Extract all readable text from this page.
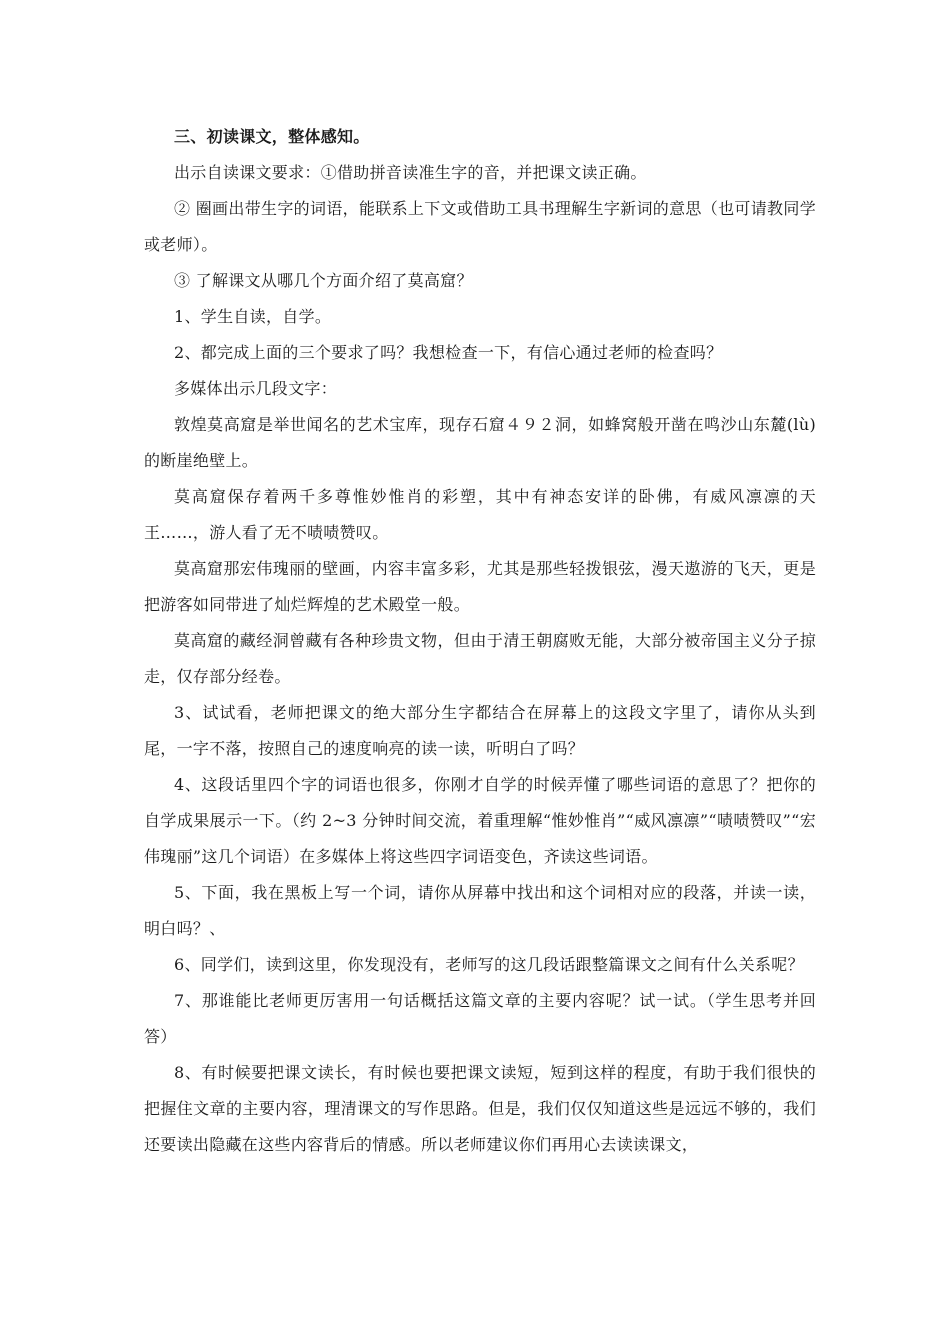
三、初读课文，整体感知。

出示自读课文要求：①借助拼音读准生字的音，并把课文读正确。

② 圈画出带生字的词语，能联系上下文或借助工具书理解生字新词的意思（也可请教同学或老师）。

③ 了解课文从哪几个方面介绍了莫高窟？

1、学生自读，自学。

2、都完成上面的三个要求了吗？我想检查一下，有信心通过老师的检查吗？

多媒体出示几段文字：

敦煌莫高窟是举世闻名的艺术宝库，现存石窟４９２洞，如蜂窝般开凿在鸣沙山东麓(lù)的断崖绝壁上。

莫高窟保存着两千多尊惟妙惟肖的彩塑，其中有神态安详的卧佛，有威风凛凛的天王……，游人看了无不啧啧赞叹。

莫高窟那宏伟瑰丽的壁画，内容丰富多彩，尤其是那些轻拨银弦，漫天遨游的飞天，更是把游客如同带进了灿烂辉煌的艺术殿堂一般。

莫高窟的藏经洞曾藏有各种珍贵文物，但由于清王朝腐败无能，大部分被帝国主义分子掠走，仅存部分经卷。

3、试试看，老师把课文的绝大部分生字都结合在屏幕上的这段文字里了，请你从头到尾，一字不落，按照自己的速度响亮的读一读，听明白了吗？

4、这段话里四个字的词语也很多，你刚才自学的时候弄懂了哪些词语的意思了？把你的自学成果展示一下。（约 2~3 分钟时间交流，着重理解“惟妙惟肖”“威风凛凛”“啧啧赞叹”“宏伟瑰丽”这几个词语）在多媒体上将这些四字词语变色，齐读这些词语。

5、下面，我在黑板上写一个词，请你从屏幕中找出和这个词相对应的段落，并读一读，明白吗？、

6、同学们，读到这里，你发现没有，老师写的这几段话跟整篇课文之间有什么关系呢？

7、那谁能比老师更厉害用一句话概括这篇文章的主要内容呢？试一试。（学生思考并回答）

8、有时候要把课文读长，有时候也要把课文读短，短到这样的程度，有助于我们很快的把握住文章的主要内容，理清课文的写作思路。但是，我们仅仅知道这些是远远不够的，我们还要读出隐藏在这些内容背后的情感。所以老师建议你们再用心去读读课文，
